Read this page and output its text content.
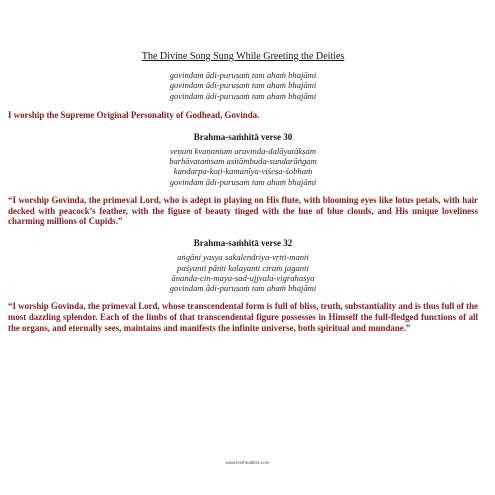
The Divine Song Sung While Greeting the Deities
govindam ādi-puruṣaṁ tam ahaṁ bhajāmi
govindam ādi-puruṣaṁ tam ahaṁ bhajāmi
govindam ādi-puruṣaṁ tam ahaṁ bhajāmi
I worship the Supreme Original Personality of Godhead, Govinda.
Brahma-saṁhitā verse 30
veṇuṁ kvaṇantam aravinda-dalāyatākṣam
barhāvataṁsam asitāmbuda-sundarāṅgam
kandarpa-koṭi-kamanīya-viśeṣa-śobhaṁ
govindam ādi-puruṣaṁ tam ahaṁ bhajāmi
“I worship Govinda, the primeval Lord, who is adept in playing on His flute, with blooming eyes like lotus petals, with hair decked with peacock’s feather, with the figure of beauty tinged with the hue of blue clouds, and His unique loveliness charming millions of Cupids.”
Brahma-saṁhitā verse 32
aṅgāni yasya sakalendriya-vṛtti-manti
paśyanti pānti kalayanti ciraṁ jaganti
ānanda-cin-maya-sad-ujjvala-vigrahasya
govindam ādi-puruṣaṁ tam ahaṁ bhajāmi
“I worship Govinda, the primeval Lord, whose transcendental form is full of bliss, truth, substantiality and is thus full of the most dazzling splendor. Each of the limbs of that transcendental figure possesses in Himself the full-fledged functions of all the organs, and eternally sees, maintains and manifests the infinite universe, both spiritual and mundane.”
www.krishnabliss.com
